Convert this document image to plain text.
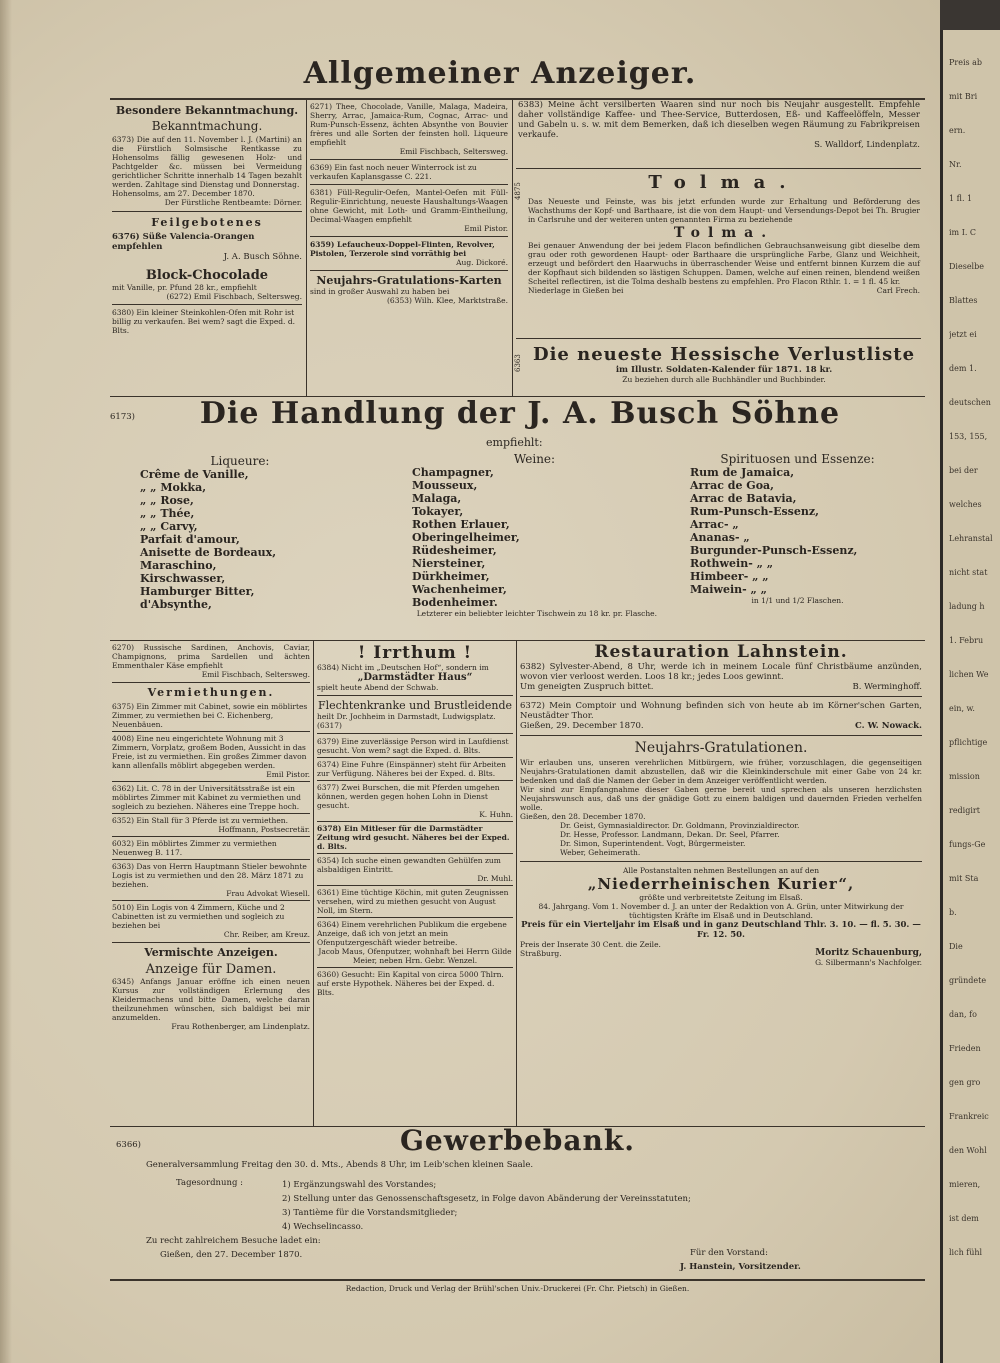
Allgemeiner Anzeiger.
Besondere Bekanntmachung.
Bekanntmachung.
6373) Die auf den 11. November l. J. (Martini) an die Fürstlich Solmsische Rentkasse zu Hohensolms fällig gewesenen Holz- und Pachtgelder &c. müssen bei Vermeidung gerichtlicher Schritte innerhalb 14 Tagen bezahlt werden. Zahltage sind Dienstag und Donnerstag.
Hohensolms, am 27. December 1870.
Der Fürstliche Rentbeamte: Dörner.
Feilgebotenes
6376) Süße Valencia-Orangen empfehlen
J. A. Busch Söhne.
Block-Chocolade
mit Vanille, pr. Pfund 28 kr., empfiehlt
(6272) Emil Fischbach, Seltersweg.
6380) Ein kleiner Steinkohlen-Ofen mit Rohr ist billig zu verkaufen. Bei wem? sagt die Exped. d. Blts.
6271) Thee, Chocolade, Vanille, Malaga, Madeira, Sherry, Arrac, Jamaica-Rum, Cognac, Arrac- und Rum-Punsch-Essenz, ächten Absynthe von Bouvier frères und alle Sorten der feinsten holl. Liqueure empfiehlt
Emil Fischbach, Seltersweg.
6369) Ein fast noch neuer Winterrock ist zu verkaufen Kaplansgasse C. 221.
6381) Füll-Regulir-Oefen, Mantel-Oefen mit Füll-Regulir-Einrichtung, neueste Haushaltungs-Waagen ohne Gewicht, mit Loth- und Gramm-Eintheilung, Decimal-Waagen empfiehlt
Emil Pistor.
6359) Lefaucheux-Doppel-Flinten, Revolver, Pistolen, Terzerole sind vorräthig bei
Aug. Dickoré.
Neujahrs-Gratulations-Karten
sind in großer Auswahl zu haben bei
(6353) Wilh. Klee, Marktstraße.
6383) Meine ächt versilberten Waaren sind nur noch bis Neujahr ausgestellt. Empfehle daher vollständige Kaffee- und Thee-Service, Butterdosen, Eß- und Kaffeelöffeln, Messer und Gabeln u. s. w. mit dem Bemerken, daß ich dieselben wegen Räumung zu Fabrikpreisen verkaufe.
S. Walldorf, Lindenplatz.
4875	Tolma.
Das Neueste und Feinste, was bis jetzt erfunden wurde zur Erhaltung und Beförderung des Wachsthums der Kopf- und Barthaare, ist die von dem Haupt- und Versendungs-Depot bei Th. Brugier in Carlsruhe und der weiteren unten genannten Firma zu beziehende
Tolma.
Bei genauer Anwendung der bei jedem Flacon befindlichen Gebrauchsanweisung gibt dieselbe dem grau oder roth gewordenen Haupt- oder Barthaare die ursprüngliche Farbe, Glanz und Weichheit, erzeugt und befördert den Haarwuchs in überraschender Weise und entfernt binnen Kurzem die auf der Kopfhaut sich bildenden so lästigen Schuppen. Damen, welche auf einen reinen, blendend weißen Scheitel reflectiren, ist die Tolma deshalb bestens zu empfehlen. Pro Flacon Rthlr. 1. = 1 fl. 45 kr.
Niederlage in Gießen bei	Carl Frech.
6363 Die neueste Hessische Verlustliste
im Illustr. Soldaten-Kalender für 1871. 18 kr.
Zu beziehen durch alle Buchhändler und Buchbinder.
6173)	Die Handlung der J. A. Busch Söhne
empfiehlt:
Liqueure:
Crême de Vanille,
„ „ Mokka,
„ „ Rose,
„ „ Thée,
„ „ Carvy,
Parfait d'amour,
Anisette de Bordeaux,
Maraschino,
Kirschwasser,
Hamburger Bitter,
d'Absynthe,
Weine:
Champagner,
Mousseux,
Malaga,
Tokayer,
Rothen Erlauer,
Oberingelheimer,
Rüdesheimer,
Niersteiner,
Dürkheimer,
Wachenheimer,
Bodenheimer.
Letzterer ein beliebter leichter Tischwein zu 18 kr. pr. Flasche.
Spirituosen und Essenze:
Rum de Jamaica,
Arrac de Goa,
Arrac de Batavia,
Rum-Punsch-Essenz,
Arrac- „
Ananas- „
Burgunder-Punsch-Essenz,
Rothwein- „ „
Himbeer- „ „
Maiwein- „ „
in 1/1 und 1/2 Flaschen.
6270) Russische Sardinen, Anchovis, Caviar, Champignons, prima Sardellen und ächten Emmenthaler Käse empfiehlt
Emil Fischbach, Seltersweg.
Vermiethungen.
6375) Ein Zimmer mit Cabinet, sowie ein möblirtes Zimmer, zu vermiethen bei C. Eichenberg, Neuenbäuen.
4008) Eine neu eingerichtete Wohnung mit 3 Zimmern, Vorplatz, großem Boden, Aussicht in das Freie, ist zu vermiethen. Ein großes Zimmer davon kann allenfalls möblirt abgegeben werden.
Emil Pistor.
6362) Lit. C. 78 in der Universitätsstraße ist ein möblirtes Zimmer mit Kabinet zu vermiethen und sogleich zu beziehen. Näheres eine Treppe hoch.
6352) Ein Stall für 3 Pferde ist zu vermiethen.
Hoffmann, Postsecretär.
6032) Ein möblirtes Zimmer zu vermiethen Neuenweg B. 117.
6363) Das von Herrn Hauptmann Stieler bewohnte Logis ist zu vermiethen und den 28. März 1871 zu beziehen.
Frau Advokat Wiesell.
5010) Ein Logis von 4 Zimmern, Küche und 2 Cabinetten ist zu vermiethen und sogleich zu beziehen bei
Chr. Reiber, am Kreuz.
Vermischte Anzeigen.
Anzeige für Damen.
6345) Anfangs Januar eröffne ich einen neuen Kursus zur vollständigen Erlernung des Kleidermachens und bitte Damen, welche daran theilzunehmen wünschen, sich baldigst bei mir anzumelden.
Frau Rothenberger, am Lindenplatz.
! Irrthum !
6384) Nicht im „Deutschen Hof“, sondern im
„Darmstädter Haus“
spielt heute Abend der Schwab.
Flechtenkranke und Brustleidende
heilt Dr. Jochheim in Darmstadt, Ludwigsplatz. (6317)
6379) Eine zuverlässige Person wird in Laufdienst gesucht. Von wem? sagt die Exped. d. Blts.
6374) Eine Fuhre (Einspänner) steht für Arbeiten zur Verfügung. Näheres bei der Exped. d. Blts.
6377) Zwei Burschen, die mit Pferden umgehen können, werden gegen hohen Lohn in Dienst gesucht.
K. Huhn.
6378) Ein Mitleser für die Darmstädter Zeitung wird gesucht. Näheres bei der Exped. d. Blts.
6354) Ich suche einen gewandten Gehülfen zum alsbaldigen Eintritt.
Dr. Muhl.
6361) Eine tüchtige Köchin, mit guten Zeugnissen versehen, wird zu miethen gesucht von August Noll, im Stern.
6364) Einem verehrlichen Publikum die ergebene Anzeige, daß ich von jetzt an mein Ofenputzergeschäft wieder betreibe.
Jacob Maus, Ofenputzer, wohnhaft bei Herrn Gilde Meier, neben Hrn. Gebr. Wenzel.
6360) Gesucht: Ein Kapital von circa 5000 Thlrn. auf erste Hypothek. Näheres bei der Exped. d. Blts.
Restauration Lahnstein.
6382) Sylvester-Abend, 8 Uhr, werde ich in meinem Locale fünf Christbäume anzünden, wovon vier verloost werden. Loos 18 kr.; jedes Loos gewinnt.
Um geneigten Zuspruch bittet.	B. Werminghoff.
6372) Mein Comptoir und Wohnung befinden sich von heute ab im Körner'schen Garten, Neustädter Thor.
Gießen, 29. December 1870.	C. W. Nowack.
Neujahrs-Gratulationen.
Wir erlauben uns, unseren verehrlichen Mitbürgern, wie früher, vorzuschlagen, die gegenseitigen Neujahrs-Gratulationen damit abzustellen, daß wir die Kleinkinderschule mit einer Gabe von 24 kr. bedenken und daß die Namen der Geber in dem Anzeiger veröffentlicht werden.
Wir sind zur Empfangnahme dieser Gaben gerne bereit und sprechen als unseren herzlichsten Neujahrswunsch aus, daß uns der gnädige Gott zu einem baldigen und dauernden Frieden verhelfen wolle.
Gießen, den 28. December 1870.
Dr. Geist, Gymnasialdirector. Dr. Goldmann, Provinzialdirector.
Dr. Hesse, Professor. Landmann, Dekan. Dr. Seel, Pfarrer.
Dr. Simon, Superintendent. Vogt, Bürgermeister.
Weber, Geheimerath.
Alle Postanstalten nehmen Bestellungen an auf den
„Niederrheinischen Kurier“,
größte und verbreitetste Zeitung im Elsaß.
84. Jahrgang. Vom 1. November d. J. an unter der Redaktion von A. Grün, unter Mitwirkung der tüchtigsten Kräfte im Elsaß und in Deutschland.
Preis für ein Vierteljahr im Elsaß und in ganz Deutschland Thlr. 3. 10. — fl. 5. 30. — Fr. 12. 50.
Preis der Inserate 30 Cent. die Zeile.
Straßburg.	Moritz Schauenburg,
G. Silbermann's Nachfolger.
6366)	Gewerbebank.
Generalversammlung Freitag den 30. d. Mts., Abends 8 Uhr, im Leib'schen kleinen Saale.
Tagesordnung :	1) Ergänzungswahl des Vorstandes;
2) Stellung unter das Genossenschaftsgesetz, in Folge davon Abänderung der Vereinsstatuten;
3) Tantième für die Vorstandsmitglieder;
4) Wechselincasso.
Zu recht zahlreichem Besuche ladet ein:
Gießen, den 27. December 1870.	Für den Vorstand:
J. Hanstein, Vorsitzender.
Redaction, Druck und Verlag der Brühl'schen Univ.-Druckerei (Fr. Chr. Pietsch) in Gießen.
Preis ab
mit Bri
ern.
Nr.
1 fl. 1
im I. C
Dieselbe
Blattes
jetzt ei
dem 1.
deutschen
153, 155,
bei der
welches
Lehranstal
nicht stat
ladung h
1. Febru
lichen We
ein, w.
pflichtige
mission
redigirt
fungs-Ge
mit Sta
b.
Die
gründete
dan, fo
Frieden
gen gro
Frankreic
den Wohl
mieren,
ist dem
lich fühl
